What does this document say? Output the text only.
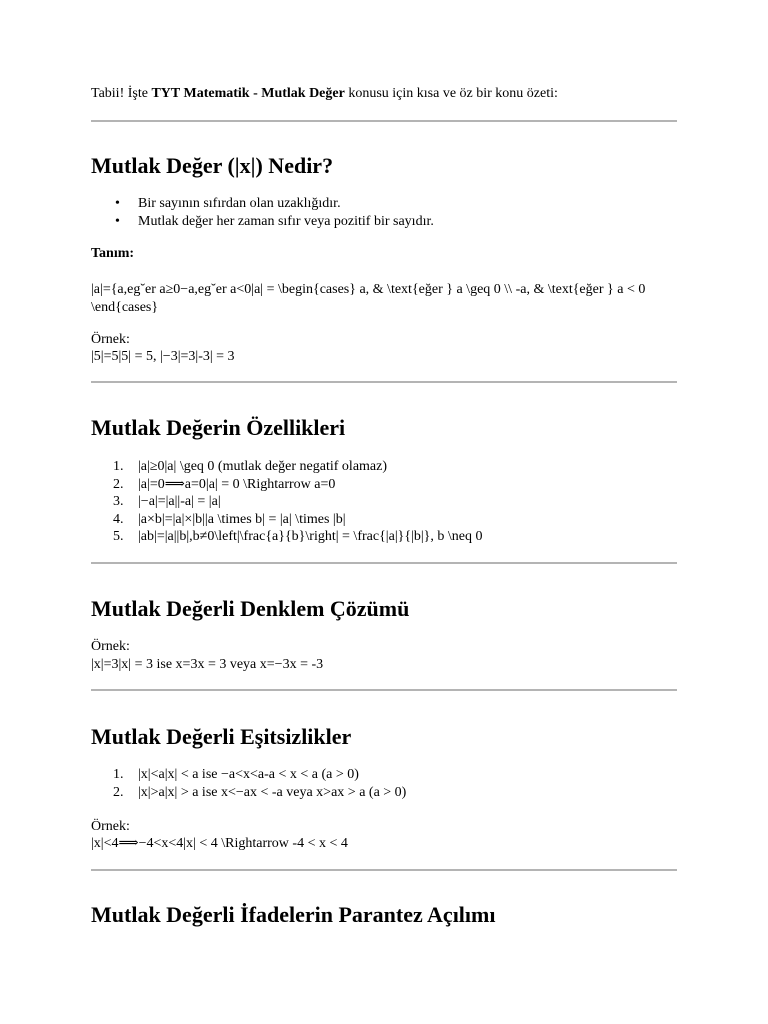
Tabii! İşte TYT Matematik - Mutlak Değer konusu için kısa ve öz bir konu özeti:
Mutlak Değer (|x|) Nedir?
• Bir sayının sıfırdan olan uzaklığıdır.
• Mutlak değer her zaman sıfır veya pozitif bir sayıdır.
Tanım:
|a|={a,eg˘er a≥0−a,eg˘er a<0|a| = \begin{cases} a, & \text{eğer } a \geq 0 \\ -a, & \text{eğer } a < 0 \end{cases}
Örnek:
|5|=5|5| = 5, |−3|=3|-3| = 3
Mutlak Değerin Özellikleri
1.	|a|≥0|a| \geq 0 (mutlak değer negatif olamaz)
2.	|a|=0⟹a=0|a| = 0 \Rightarrow a=0
3.	|−a|=|a||-a| = |a|
4.	|a×b|=|a|×|b||a \times b| = |a| \times |b|
5.	|ab|=|a||b|,b≠0\left|\frac{a}{b}\right| = \frac{|a|}{|b|}, b \neq 0
Mutlak Değerli Denklem Çözümü
Örnek:
|x|=3|x| = 3 ise x=3x = 3 veya x=−3x = -3
Mutlak Değerli Eşitsizlikler
1.	|x|<a|x| < a ise −a<x<a-a < x < a (a > 0)
2.	|x|>a|x| > a ise x<−ax < -a veya x>ax > a (a > 0)
Örnek:
|x|<4⟹−4<x<4|x| < 4 \Rightarrow -4 < x < 4
Mutlak Değerli İfadelerin Parantez Açılımı
